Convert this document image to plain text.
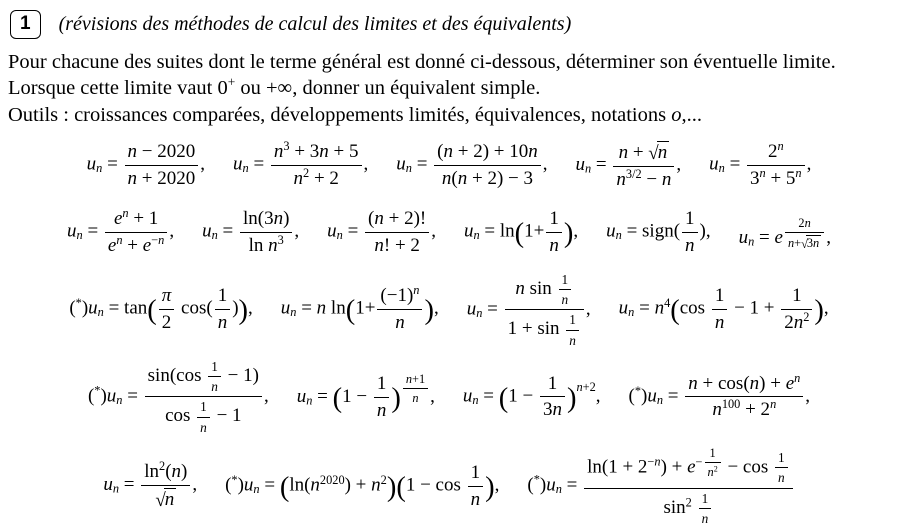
1	(révisions des méthodes de calcul des limites et des équivalents)

Pour chacune des suites dont le terme général est donné ci-dessous, déterminer son éventuelle limite. Lorsque cette limite vaut 0+ ou +∞, donner un équivalent simple.

Outils : croissances comparées, développements limités, équivalences, notations o,...

$u_n = \frac{n - 2020}{n + 2020}$ , $u_n = \frac{n^3 + 3n + 5}{n^2 + 2}$ , $u_n = \frac{(n + 2) + 10n}{n(n + 2) - 3}$ , $u_n = \frac{n + √n}{n^{3/2} - n}$ , $u_n = \frac{2^n}{3^n + 5^n}$ ,
$u_n = \frac{e^n + 1}{e^n + e^{-n}}$ , $u_n = \frac{\ln(3n)}{\ln n^3}$ , $u_n = \frac{(n + 2)!}{n! + 2}$ , $u_n = \ln(1+ \frac{1}{n}$ ), $u_n$ = sign( $\frac{1}{n}$ ), $u_n = e$ $^{\frac{2n}{n+√3n}}$ ,
$(^*)u_n = \tan( \frac{\pi}{2} \cos( \frac{1}{n}$ )), $u_n = n$ $\ln(1+ \frac{(-1)^n}{n}$ ), $u_n = \frac{n \sin \frac{1}{n}}{1 + \sin \frac{1}{n}}$ , $u_n = n^4(\cos \frac{1}{n} - 1 + \frac{1}{2n^2}$ ),
$(^*)u_n = \frac{\sin(\cos \frac{1}{n} - 1)}{\cos \frac{1}{n} - 1}$ , $u_n = (1 - \frac{1}{n}$ ) $^{\frac{n+1}{n}}$ , $u_n = (1 - \frac{1}{3n} )^{n+2}$, $(^*)u_n = \frac{n + \cos(n) + e^n}{n^{100} + 2^n}$ ,
$u_n = \frac{\ln^2(n)}{√n}$ , $(^*)u_n = (\ln(n^{2020}) + n^2)(1 - \cos \frac{1}{n}$ ), $(^*)u_n = \ln(1 + 2^{-n}) + e^{- \frac{1}{n^2}} - \cos \frac{1}{n}$
$\sin^2 \frac{1}{n}$
